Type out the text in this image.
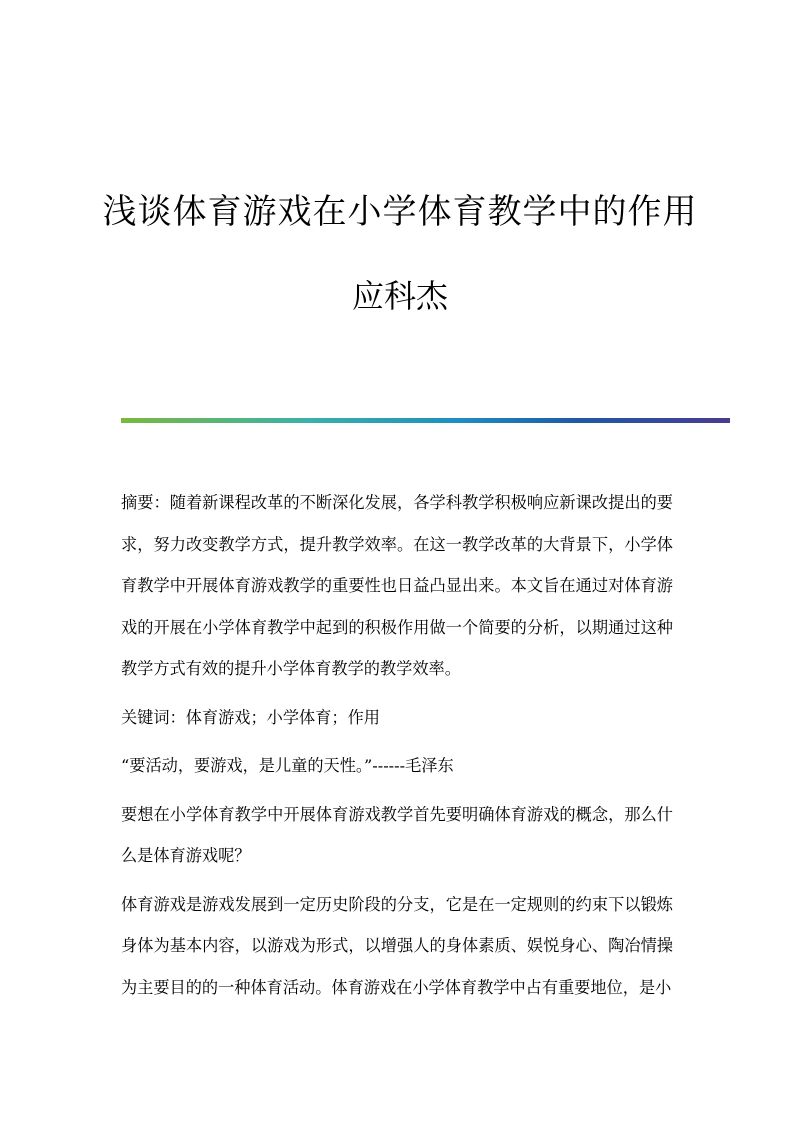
浅谈体育游戏在小学体育教学中的作用
应科杰

摘要：随着新课程改革的不断深化发展，各学科教学积极响应新课改提出的要求，努力改变教学方式，提升教学效率。在这一教学改革的大背景下，小学体育教学中开展体育游戏教学的重要性也日益凸显出来。本文旨在通过对体育游戏的开展在小学体育教学中起到的积极作用做一个简要的分析，以期通过这种教学方式有效的提升小学体育教学的教学效率。

关键词：体育游戏；小学体育；作用

“要活动，要游戏，是儿童的天性。”------毛泽东

要想在小学体育教学中开展体育游戏教学首先要明确体育游戏的概念，那么什么是体育游戏呢？

体育游戏是游戏发展到一定历史阶段的分支，它是在一定规则的约束下以锻炼身体为基本内容，以游戏为形式，以增强人的身体素质、娱悦身心、陶冶情操为主要目的的一种体育活动。体育游戏在小学体育教学中占有重要地位，是小
